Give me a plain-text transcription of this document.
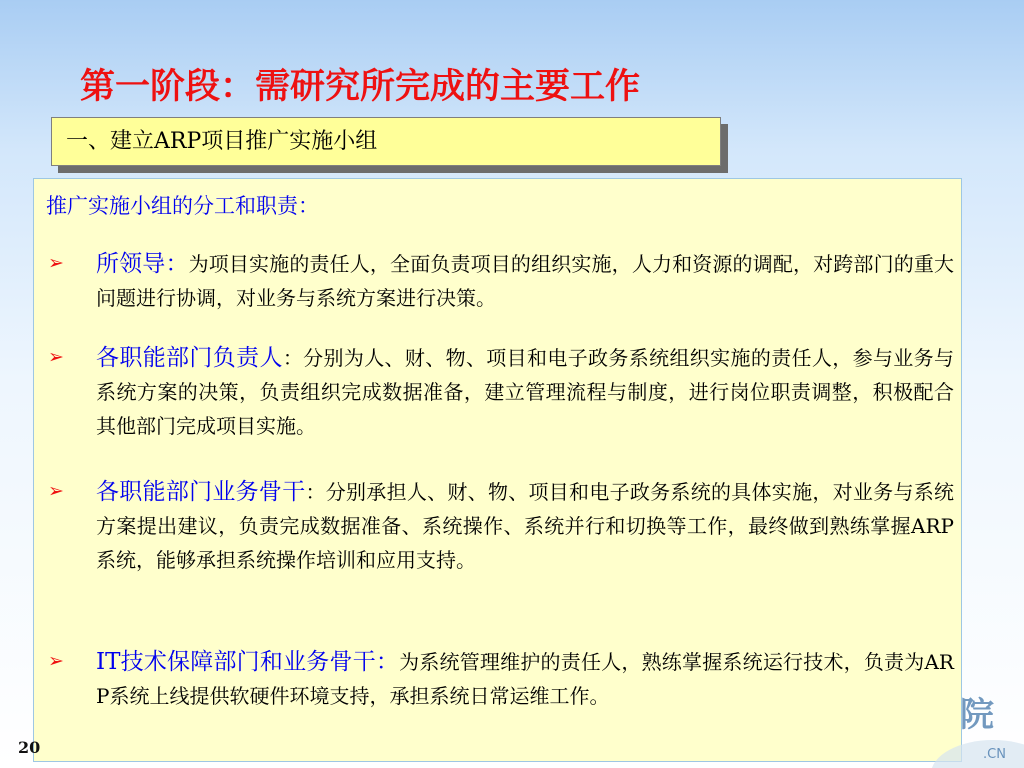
第一阶段：需研究所完成的主要工作
一、建立ARP项目推广实施小组

推广实施小组的分工和职责：

➢ 所领导：为项目实施的责任人，全面负责项目的组织实施，人力和资源的调配，对跨部门的重大问题进行协调，对业务与系统方案进行决策。
➢ 各职能部门负责人：分别为人、财、物、项目和电子政务系统组织实施的责任人，参与业务与系统方案的决策，负责组织完成数据准备，建立管理流程与制度，进行岗位职责调整，积极配合其他部门完成项目实施。
➢ 各职能部门业务骨干：分别承担人、财、物、项目和电子政务系统的具体实施，对业务与系统方案提出建议，负责完成数据准备、系统操作、系统并行和切换等工作，最终做到熟练掌握ARP系统，能够承担系统操作培训和应用支持。
➢ IT技术保障部门和业务骨干：为系统管理维护的责任人，熟练掌握系统运行技术，负责为ARP系统上线提供软硬件环境支持，承担系统日常运维工作。
20
院
.CN
